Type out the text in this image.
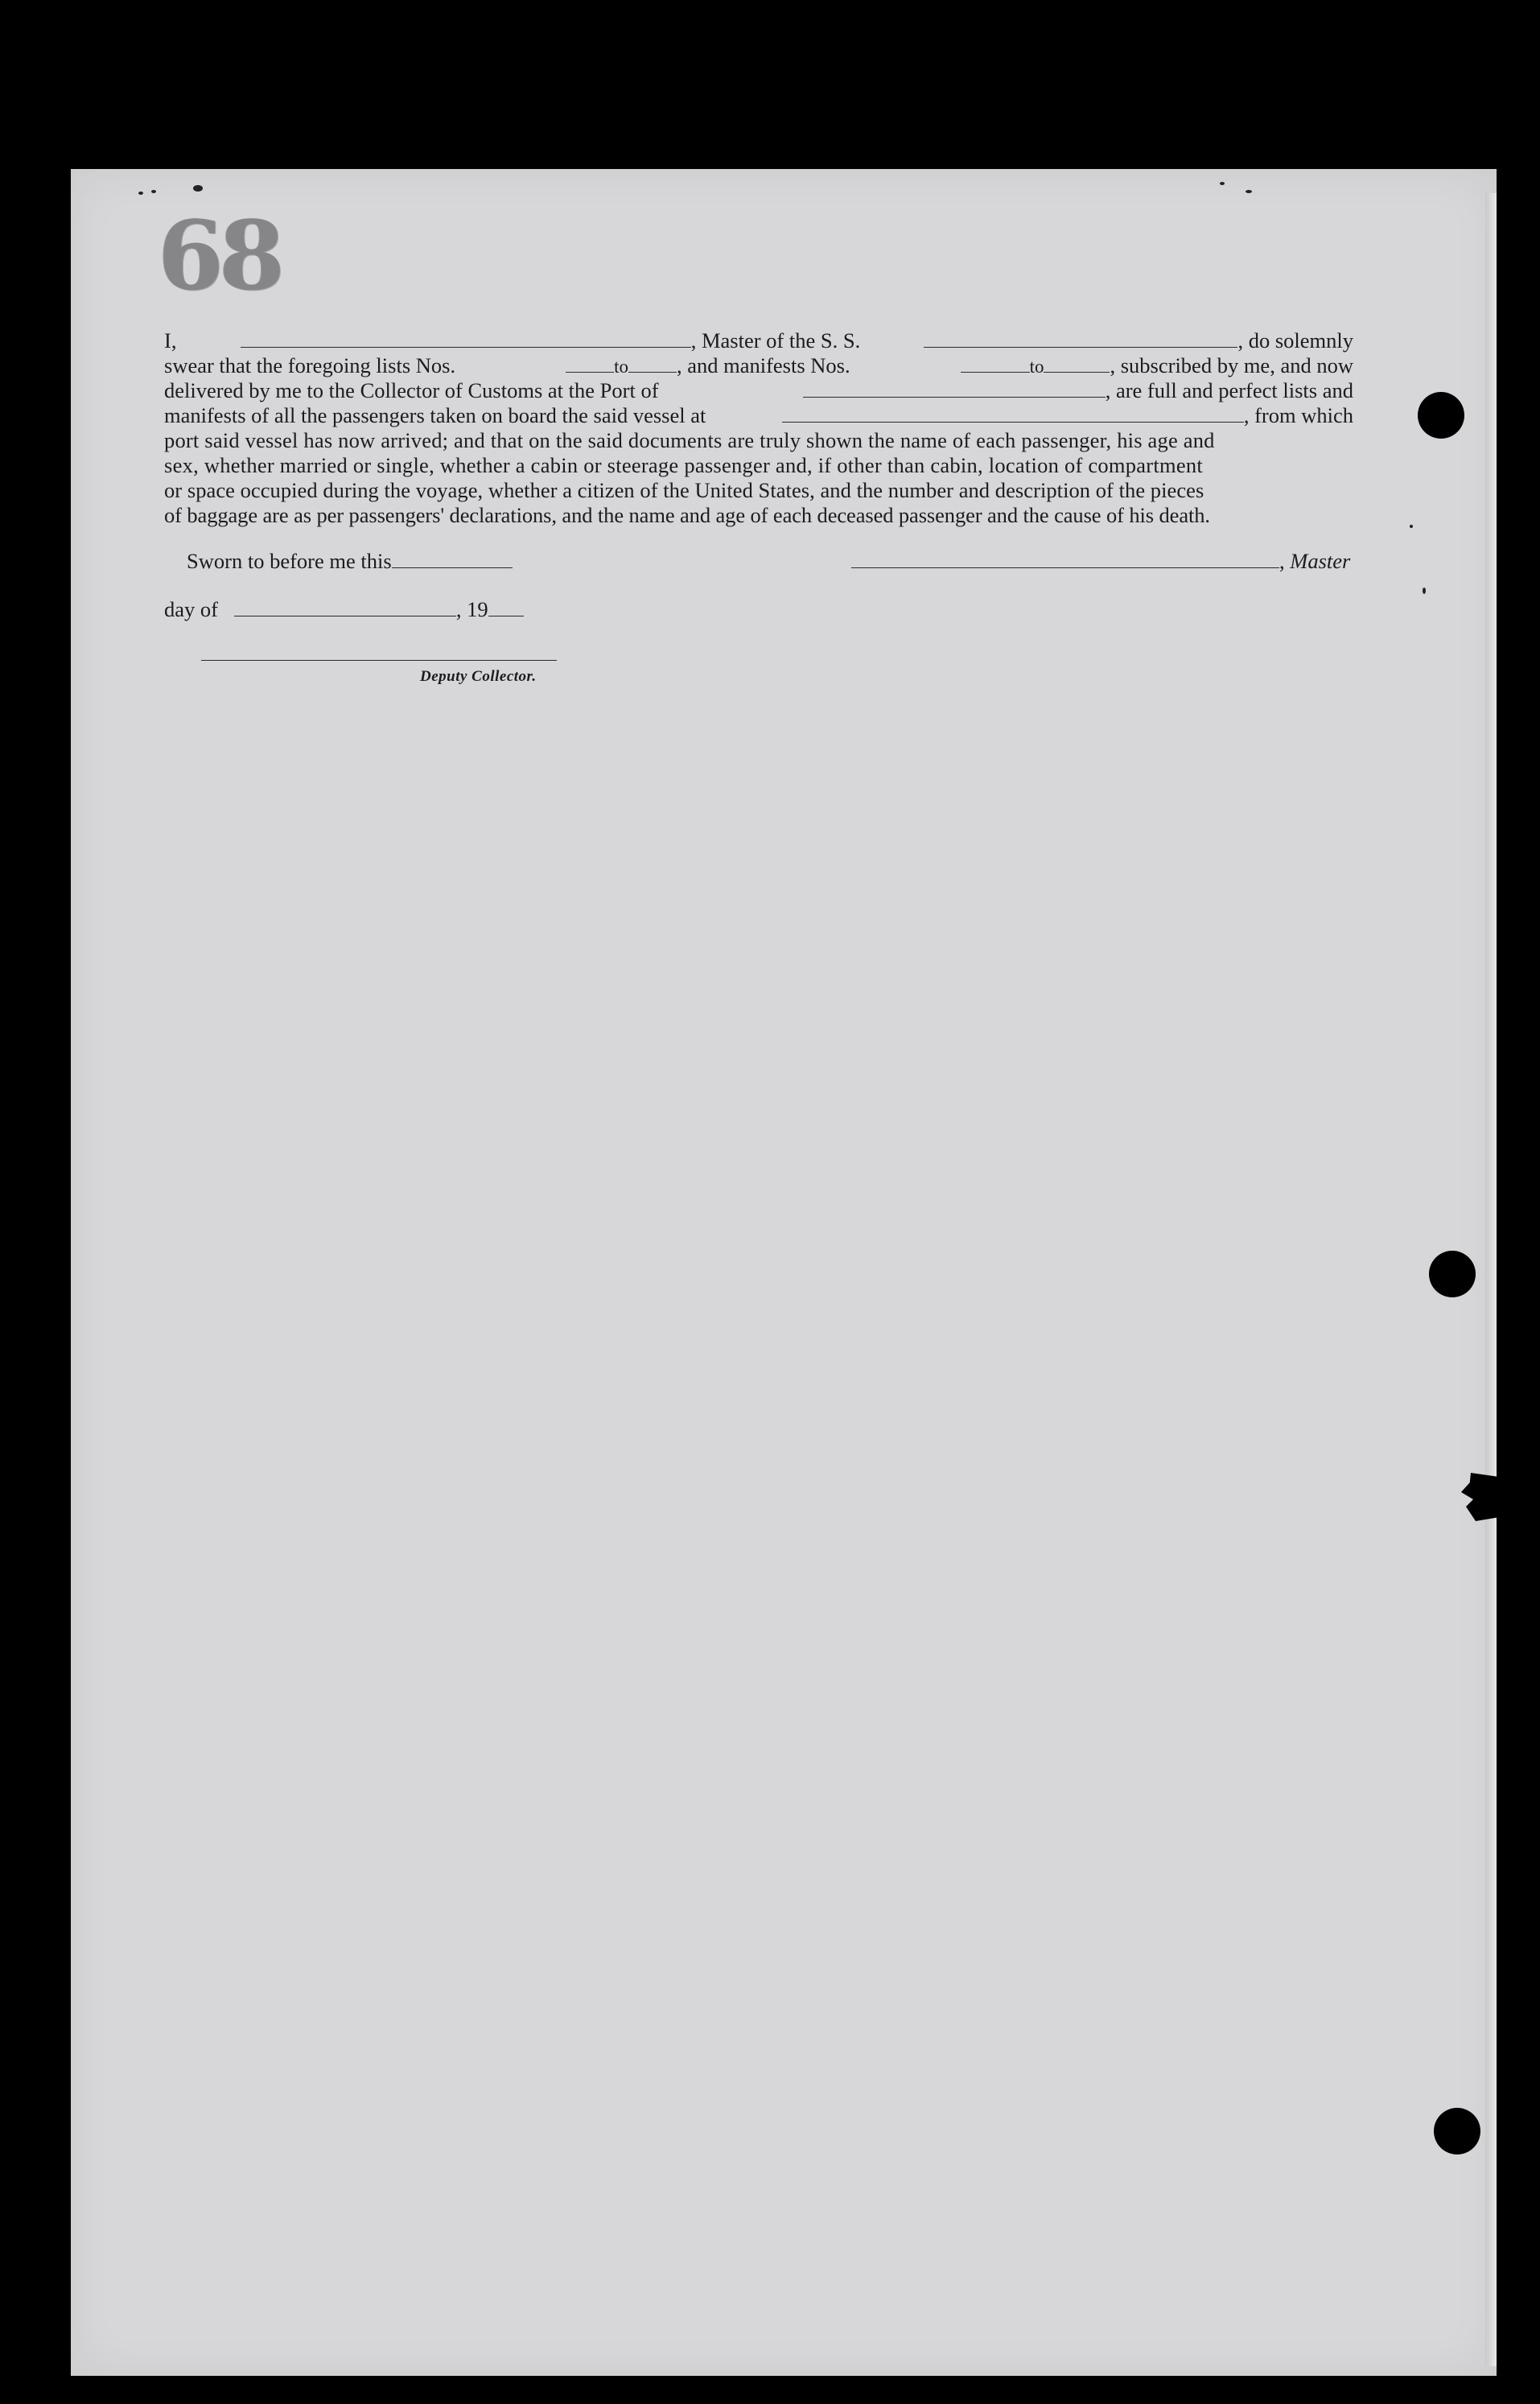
68
I,	, Master of the S. S.	, do solemnly
swear that the foregoing lists Nos.	to , and manifests Nos.	to	, subscribed by me, and now
delivered by me to the Collector of Customs at the Port of	, are full and perfect lists and
manifests of all the passengers taken on board the said vessel at	, from which
port said vessel has now arrived; and that on the said documents are truly shown the name of each passenger, his age and
sex, whether married or single, whether a cabin or steerage passenger and, if other than cabin, location of compartment
or space occupied during the voyage, whether a citizen of the United States, and the number and description of the pieces
of baggage are as per passengers' declarations, and the name and age of each deceased passenger and the cause of his death.
Sworn to before me this	, Master
day of	, 19
Deputy Collector.
